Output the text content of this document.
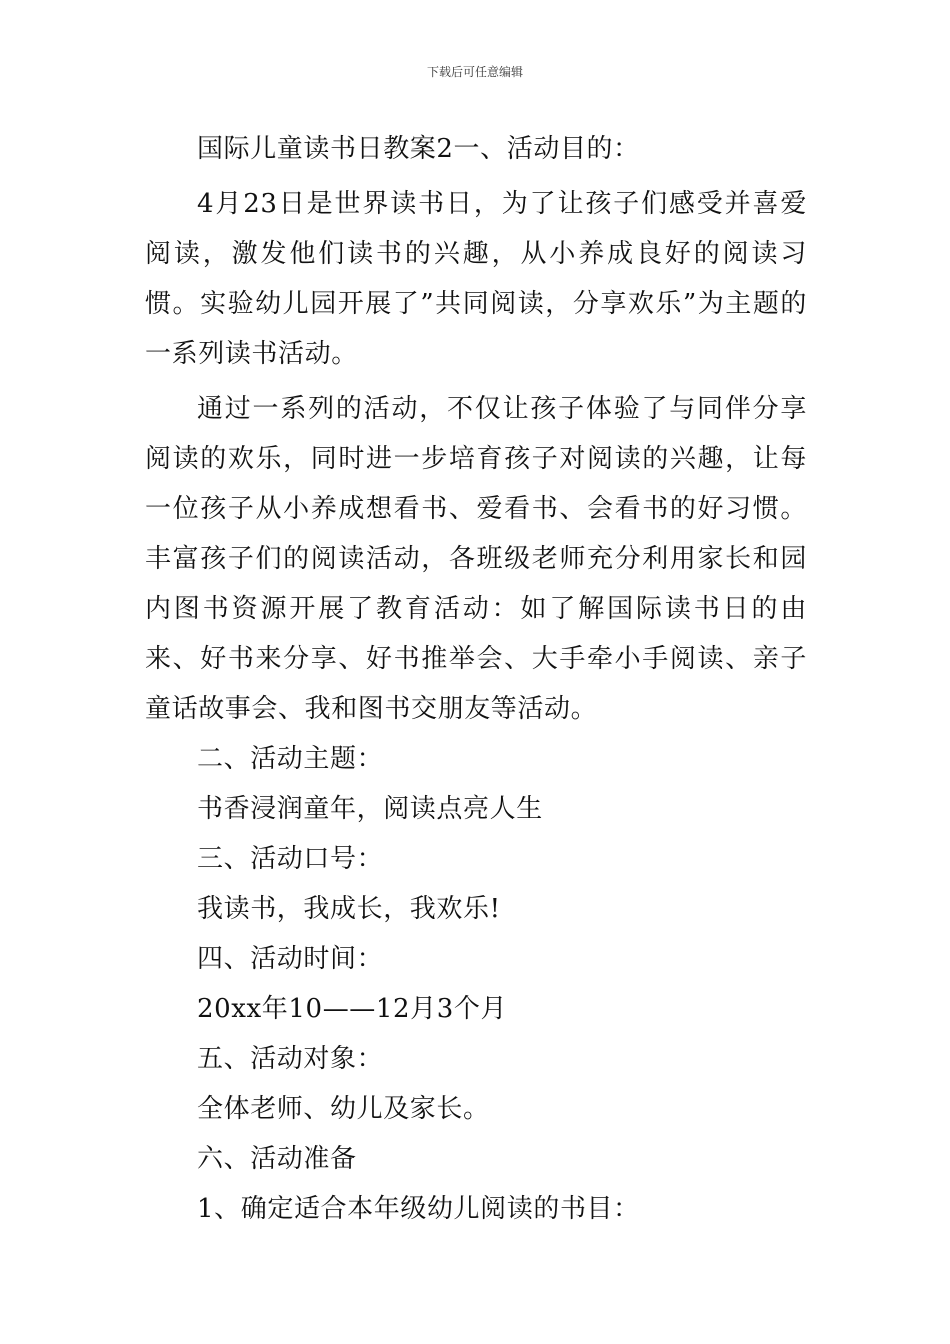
下载后可任意编辑

国际儿童读书日教案2一、活动目的：

4月23日是世界读书日，为了让孩子们感受并喜爱阅读，激发他们读书的兴趣，从小养成良好的阅读习惯。实验幼儿园开展了”共同阅读，分享欢乐”为主题的一系列读书活动。

通过一系列的活动，不仅让孩子体验了与同伴分享阅读的欢乐，同时进一步培育孩子对阅读的兴趣，让每一位孩子从小养成想看书、爱看书、会看书的好习惯。丰富孩子们的阅读活动，各班级老师充分利用家长和园内图书资源开展了教育活动：如了解国际读书日的由来、好书来分享、好书推举会、大手牵小手阅读、亲子童话故事会、我和图书交朋友等活动。

二、活动主题：

书香浸润童年，阅读点亮人生

三、活动口号：

我读书，我成长，我欢乐!

四、活动时间：

20xx年10——12月3个月

五、活动对象：

全体老师、幼儿及家长。

六、活动准备

1、确定适合本年级幼儿阅读的书目：
